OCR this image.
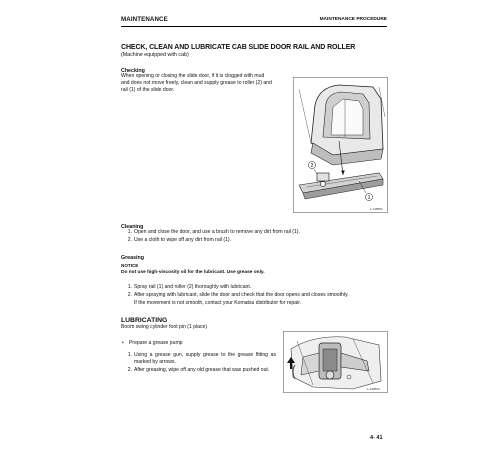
MAINTENANCE	MAINTENANCE PROCEDURE
CHECK, CLEAN AND LUBRICATE CAB SLIDE DOOR RAIL AND ROLLER
(Machine equipped with cab)
Checking
When opening or closing the slide door, if it is clogged with mud
and does not move freely, clean and supply grease to roller (2) and
rail (1) of the slide door.
2
1
1-148551
Cleaning
1. Open and close the door, and use a brush to remove any dirt from rail (1).
2. Use a cloth to wipe off any dirt from rail (1).
Greasing
NOTICE
Do not use high-viscosity oil for the lubricant. Use grease only.
1. Spray rail (1) and roller (2) thoroughly with lubricant.
2. After spraying with lubricant, slide the door and check that the door opens and closes smoothly.
If the movement is not smooth, contact your Komatsu distributor for repair.
LUBRICATING
Boom swing cylinder foot pin (1 place)
• Prepare a grease pump
1. Using a grease gun, supply grease to the grease fitting as
marked by arrows.
2. After greasing, wipe off any old grease that was pushed out.
1-148553
4- 41
